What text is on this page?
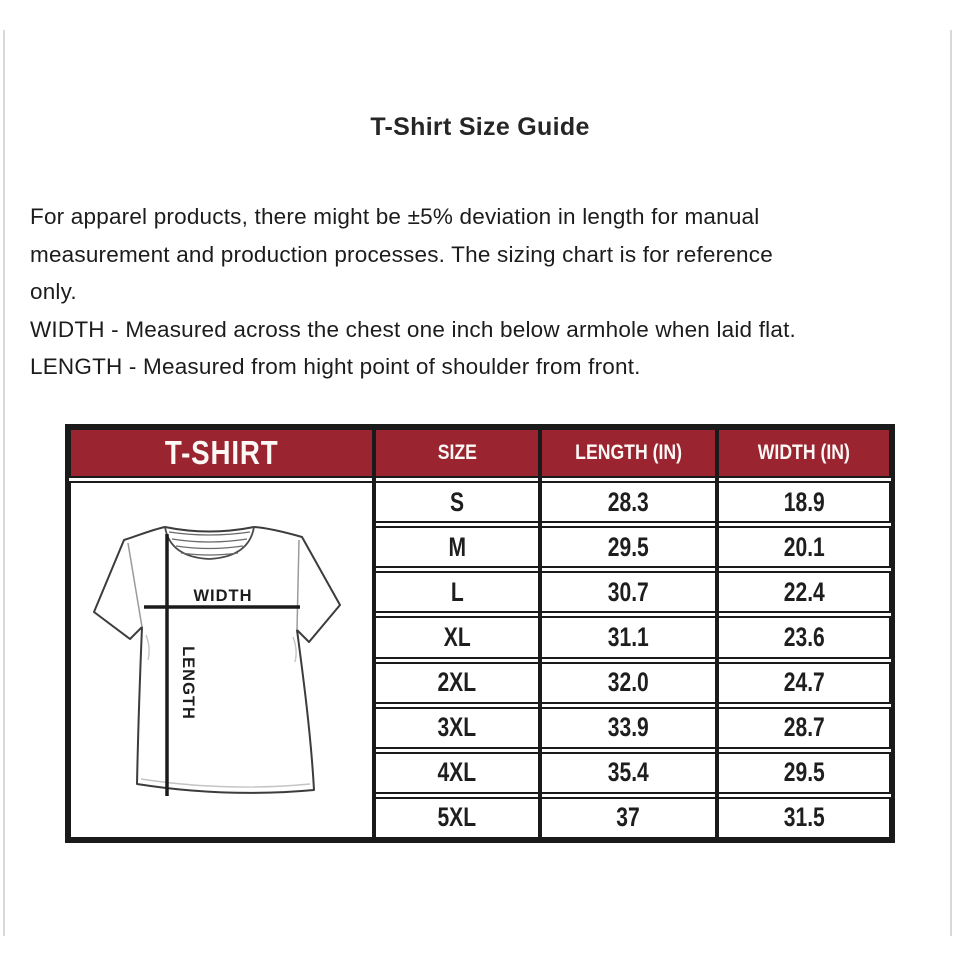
T-Shirt Size Guide
For apparel products, there might be ±5% deviation in length for manual
measurement and production processes. The sizing chart is for reference
only.
WIDTH - Measured across the chest one inch below armhole when laid flat.
LENGTH - Measured from hight point of shoulder from front.
T-SHIRT	SIZE	LENGTH (IN)	WIDTH (IN)
WIDTH
LENGTH
S	28.3	18.9
M	29.5	20.1
L	30.7	22.4
XL	31.1	23.6
2XL	32.0	24.7
3XL	33.9	28.7
4XL	35.4	29.5
5XL	37	31.5
